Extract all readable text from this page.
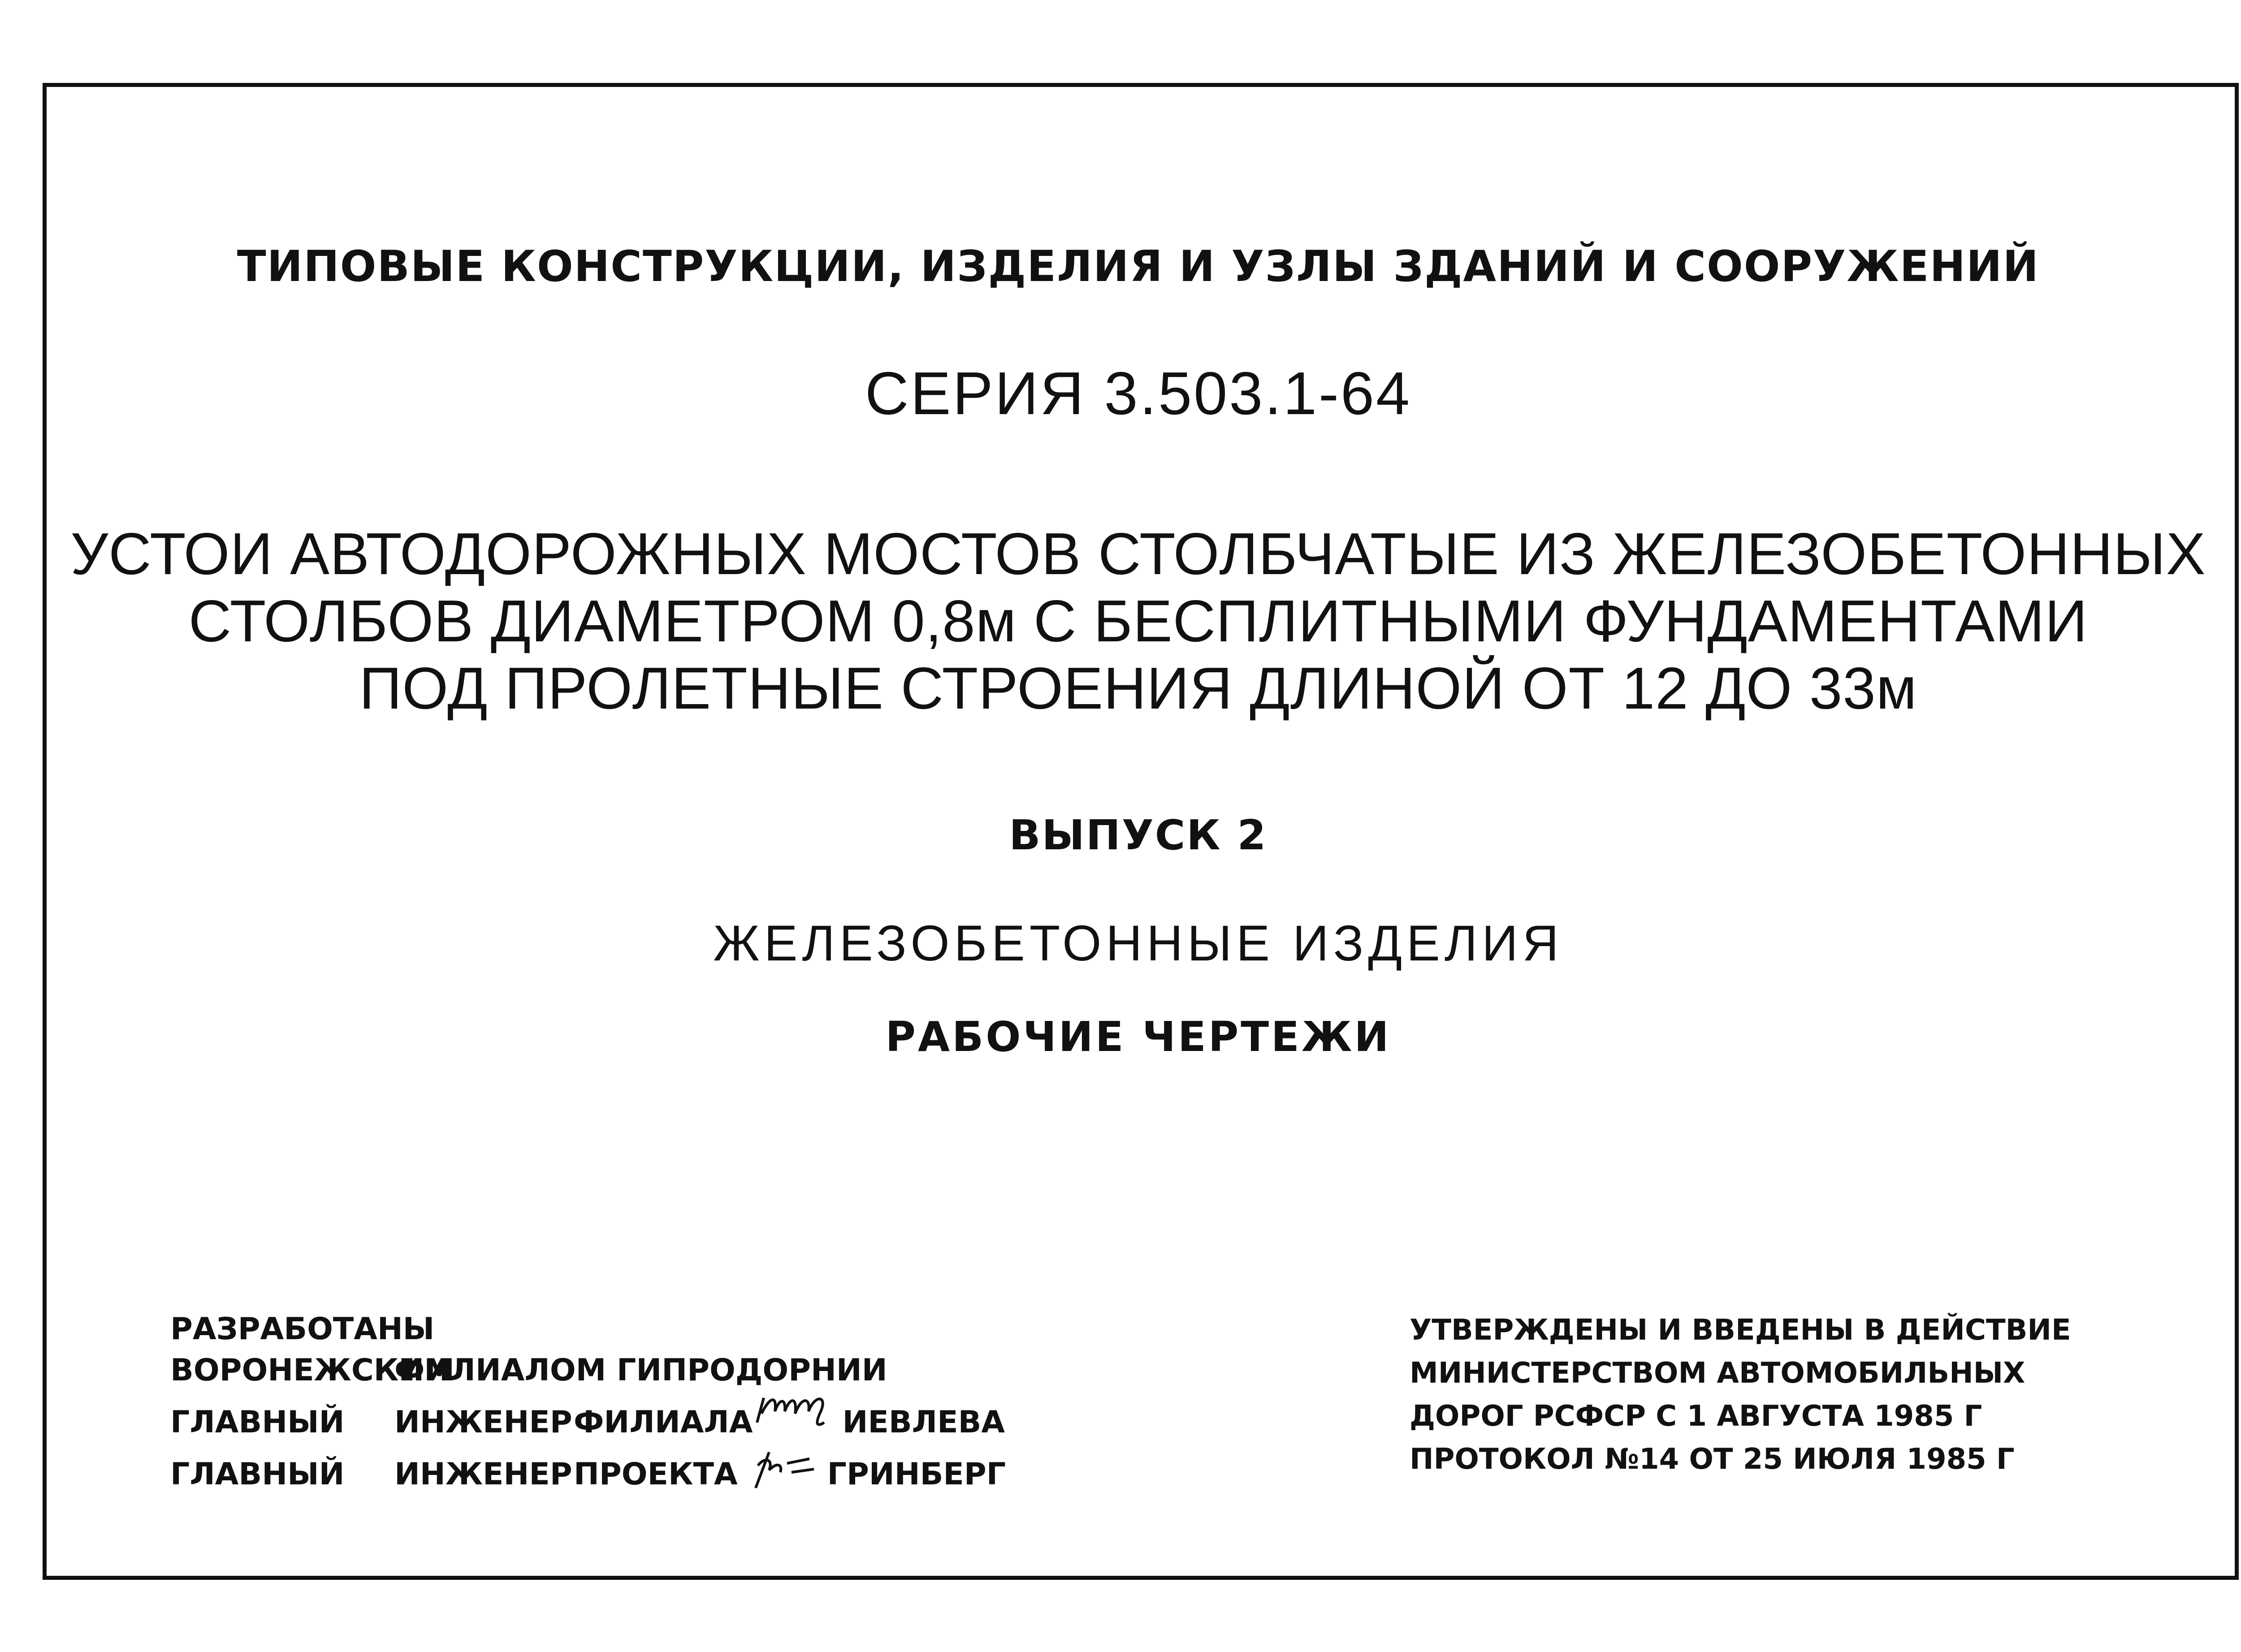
ТИПОВЫЕ КОНСТРУКЦИИ, ИЗДЕЛИЯ И УЗЛЫ ЗДАНИЙ И СООРУЖЕНИЙ
СЕРИЯ 3.503.1-64
УСТОИ АВТОДОРОЖНЫХ МОСТОВ СТОЛБЧАТЫЕ ИЗ ЖЕЛЕЗОБЕТОННЫХ
СТОЛБОВ ДИАМЕТРОМ 0,8м С БЕСПЛИТНЫМИ ФУНДАМЕНТАМИ
ПОД ПРОЛЕТНЫЕ СТРОЕНИЯ ДЛИНОЙ ОТ 12 ДО 33м
ВЫПУСК 2
ЖЕЛЕЗОБЕТОННЫЕ ИЗДЕЛИЯ
РАБОЧИЕ ЧЕРТЕЖИ
РАЗРАБОТАНЫ
ВОРОНЕЖСКИМ
ФИЛИАЛОМ ГИПРОДОРНИИ
ГЛАВНЫЙ	ИНЖЕНЕР ФИЛИАЛА	ИЕВЛЕВА
ГЛАВНЫЙ	ИНЖЕНЕР ПРОЕКТА	ГРИНБЕРГ
УТВЕРЖДЕНЫ И ВВЕДЕНЫ В ДЕЙСТВИЕ
МИНИСТЕРСТВОМ АВТОМОБИЛЬНЫХ
ДОРОГ РСФСР С 1 АВГУСТА 1985 Г
ПРОТОКОЛ №14 ОТ 25 ИЮЛЯ 1985 Г
